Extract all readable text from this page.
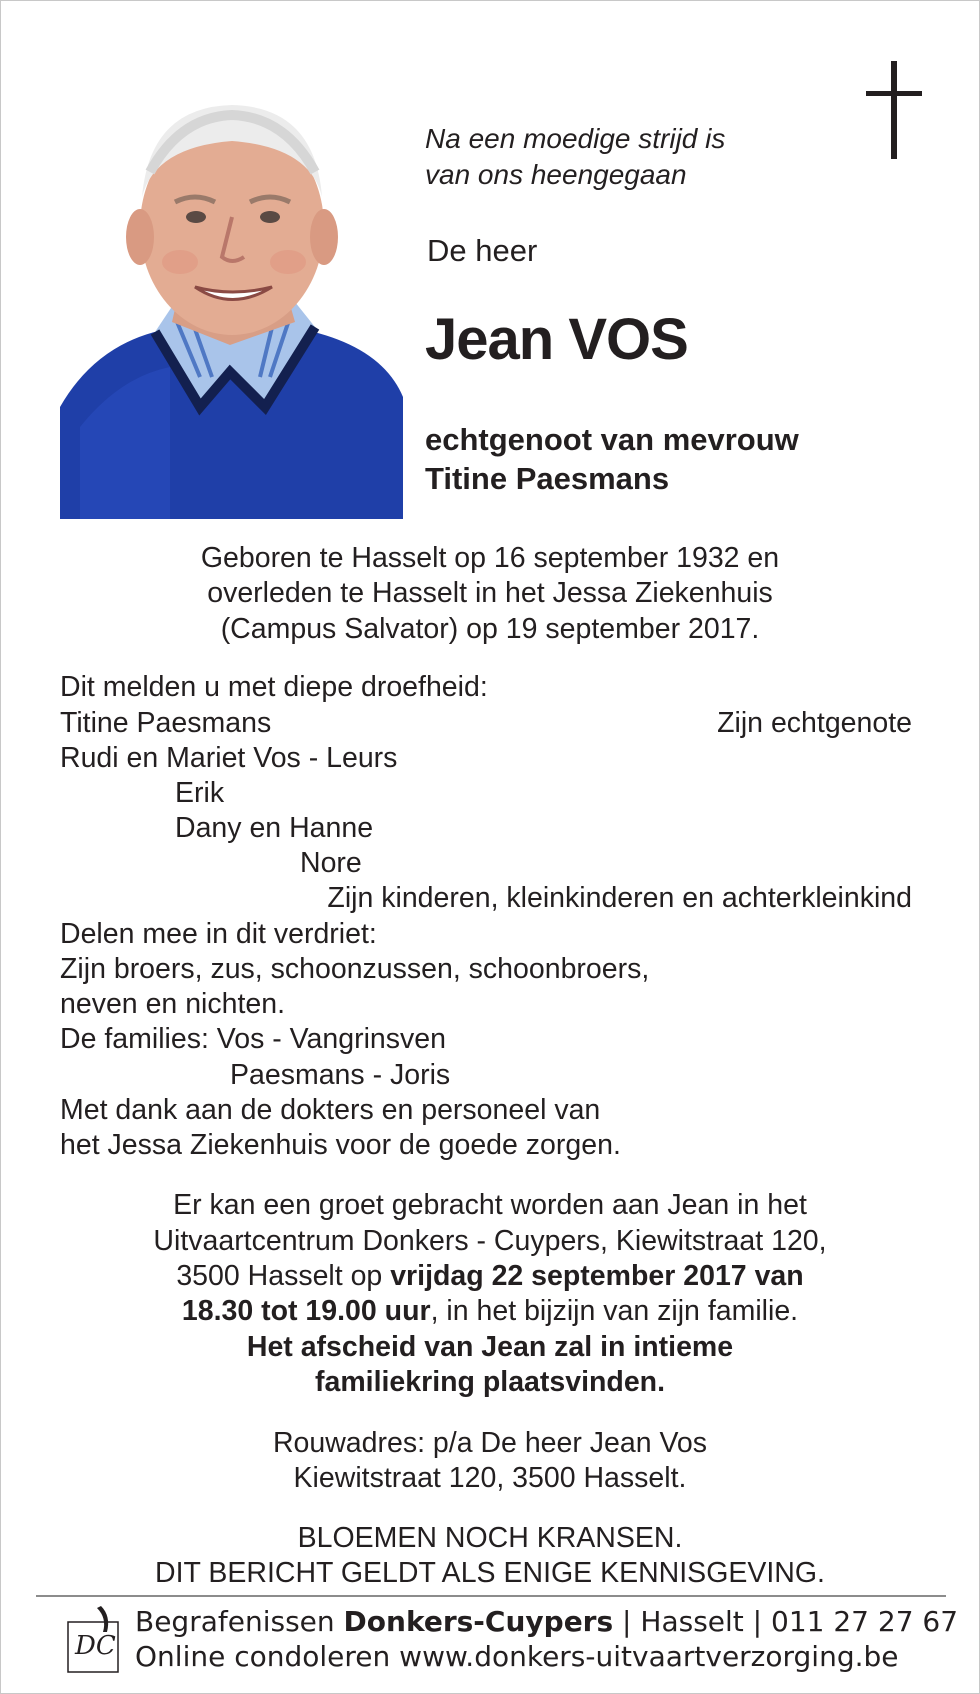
Na een moedige strijd is
van ons heengegaan
De heer
Jean VOS
echtgenoot van mevrouw
Titine Paesmans
Geboren te Hasselt op 16 september 1932 en
overleden te Hasselt in het Jessa Ziekenhuis
(Campus Salvator) op 19 september 2017.
Dit melden u met diepe droefheid:
Titine Paesmans	Zijn echtgenote
Rudi en Mariet Vos - Leurs
Erik
Dany en Hanne
Nore
Zijn kinderen, kleinkinderen en achterkleinkind
Delen mee in dit verdriet:
Zijn broers, zus, schoonzussen, schoonbroers,
neven en nichten.
De families: Vos - Vangrinsven
Paesmans - Joris
Met dank aan de dokters en personeel van
het Jessa Ziekenhuis voor de goede zorgen.
Er kan een groet gebracht worden aan Jean in het
Uitvaartcentrum Donkers - Cuypers, Kiewitstraat 120,
3500 Hasselt op vrijdag 22 september 2017 van
18.30 tot 19.00 uur, in het bijzijn van zijn familie.
Het afscheid van Jean zal in intieme
familiekring plaatsvinden.
Rouwadres: p/a De heer Jean Vos
Kiewitstraat 120, 3500 Hasselt.
BLOEMEN NOCH KRANSEN.
DIT BERICHT GELDT ALS ENIGE KENNISGEVING.
DC
Begrafenissen Donkers-Cuypers | Hasselt | 011 27 27 67
Online condoleren www.donkers-uitvaartverzorging.be
